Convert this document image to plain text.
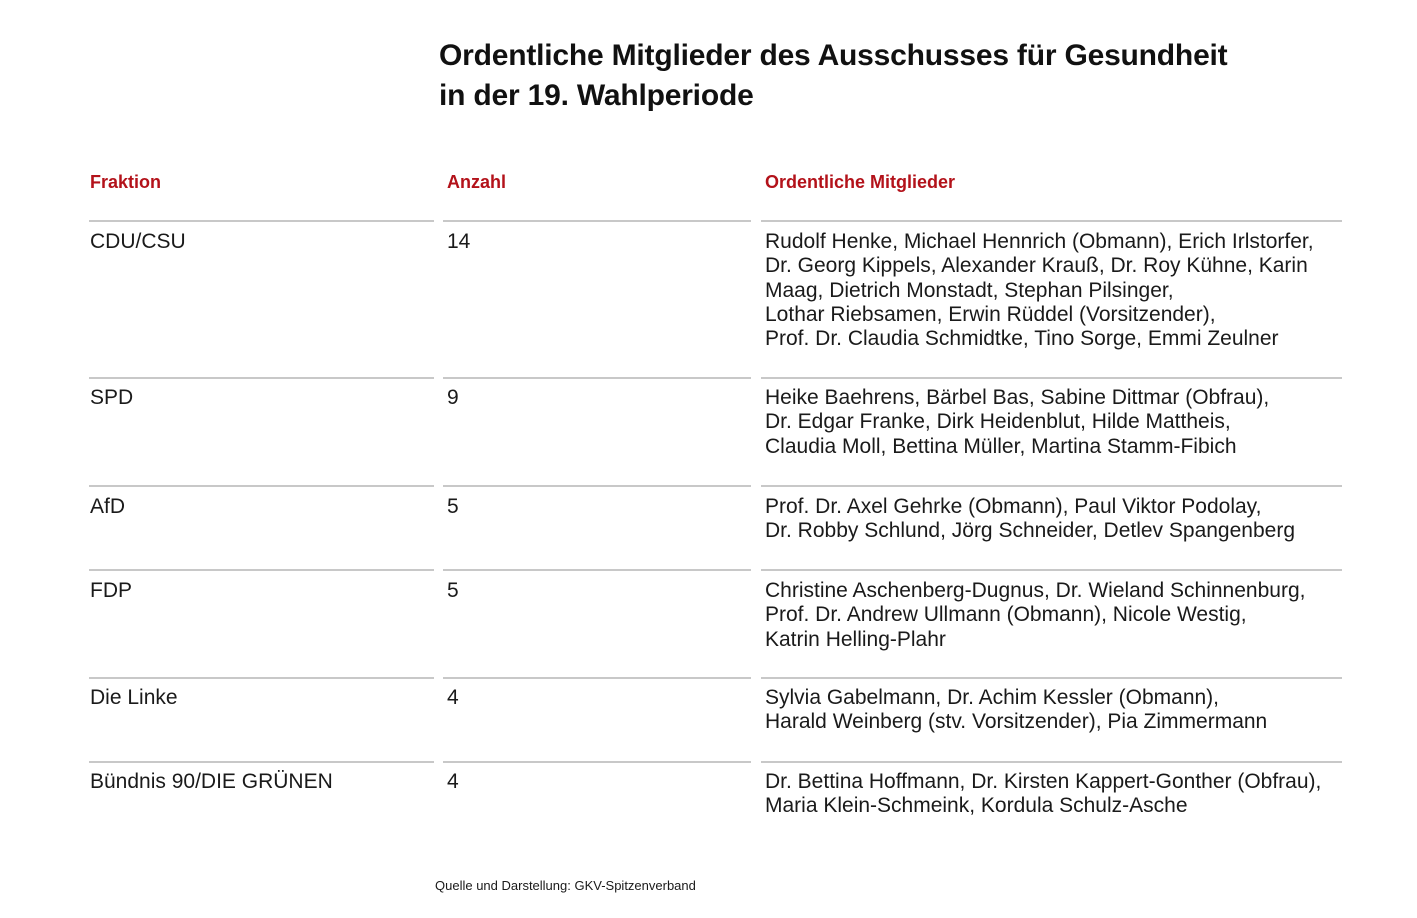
Ordentliche Mitglieder des Ausschusses für Gesundheit
in der 19. Wahlperiode
Fraktion	Anzahl	Ordentliche Mitglieder
CDU/CSU	14	Rudolf Henke, Michael Hennrich (Obmann), Erich Irlstorfer,
Dr. Georg Kippels, Alexander Krauß, Dr. Roy Kühne, Karin
Maag, Dietrich Monstadt, Stephan Pilsinger,
Lothar Riebsamen, Erwin Rüddel (Vorsitzender),
Prof. Dr. Claudia Schmidtke, Tino Sorge, Emmi Zeulner
SPD	9	Heike Baehrens, Bärbel Bas, Sabine Dittmar (Obfrau),
Dr. Edgar Franke, Dirk Heidenblut, Hilde Mattheis,
Claudia Moll, Bettina Müller, Martina Stamm-Fibich
AfD	5	Prof. Dr. Axel Gehrke (Obmann), Paul Viktor Podolay,
Dr. Robby Schlund, Jörg Schneider, Detlev Spangenberg
FDP	5	Christine Aschenberg-Dugnus, Dr. Wieland Schinnenburg,
Prof. Dr. Andrew Ullmann (Obmann), Nicole Westig,
Katrin Helling-Plahr
Die Linke	4	Sylvia Gabelmann, Dr. Achim Kessler (Obmann),
Harald Weinberg (stv. Vorsitzender), Pia Zimmermann
Bündnis 90/DIE GRÜNEN	4	Dr. Bettina Hoffmann, Dr. Kirsten Kappert-Gonther (Obfrau),
Maria Klein-Schmeink, Kordula Schulz-Asche
Quelle und Darstellung: GKV-Spitzenverband
